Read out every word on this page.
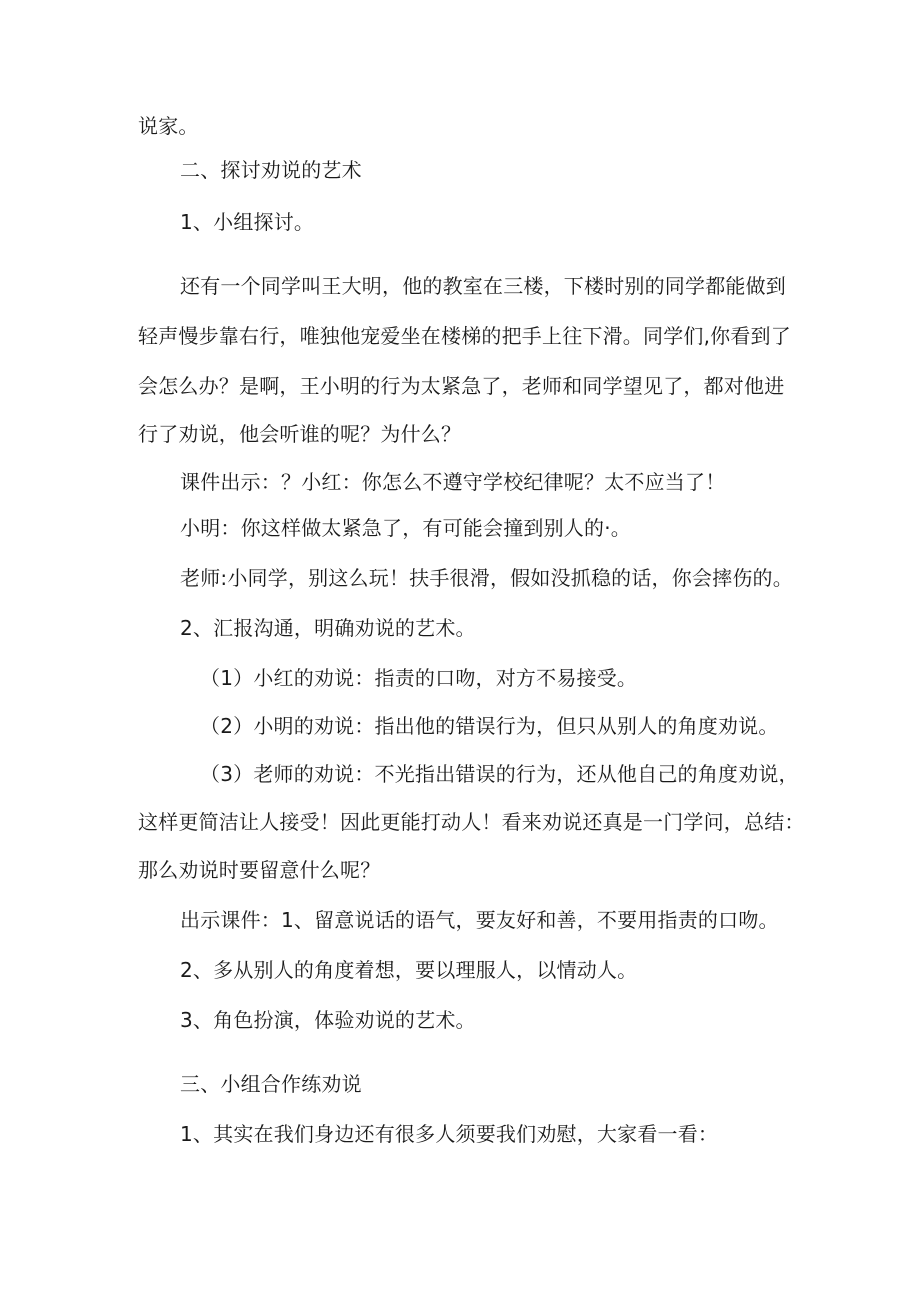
说家。
二、探讨劝说的艺术
1、小组探讨。
还有一个同学叫王大明，他的教室在三楼，下楼时别的同学都能做到
轻声慢步靠右行，唯独他宠爱坐在楼梯的把手上往下滑。同学们,你看到了
会怎么办？是啊，王小明的行为太紧急了，老师和同学望见了，都对他进
行了劝说，他会听谁的呢？为什么？
课件出示：？小红：你怎么不遵守学校纪律呢？太不应当了！
小明：你这样做太紧急了，有可能会撞到别人的·。
老师:小同学，别这么玩！扶手很滑，假如没抓稳的话，你会摔伤的。
2、汇报沟通，明确劝说的艺术。
（1）小红的劝说：指责的口吻，对方不易接受。
（2）小明的劝说：指出他的错误行为，但只从别人的角度劝说。
（3）老师的劝说：不光指出错误的行为，还从他自己的角度劝说，
这样更简洁让人接受！因此更能打动人！看来劝说还真是一门学问，总结：
那么劝说时要留意什么呢？
出示课件：1、留意说话的语气，要友好和善，不要用指责的口吻。
2、多从别人的角度着想，要以理服人，以情动人。
3、角色扮演，体验劝说的艺术。
三、小组合作练劝说
1、其实在我们身边还有很多人须要我们劝慰，大家看一看：
